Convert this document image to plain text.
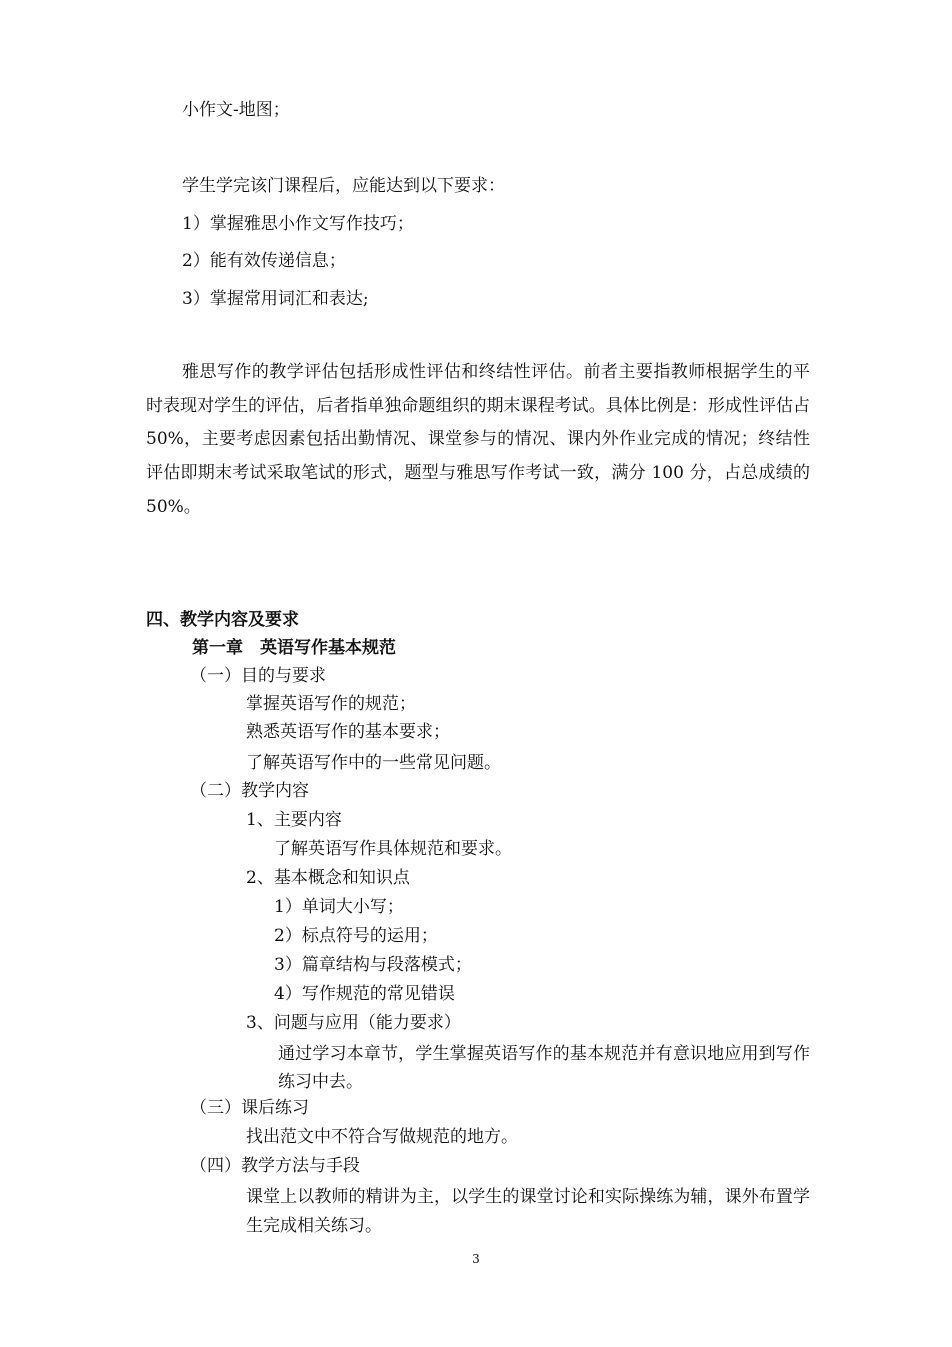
小作文-地图；

学生学完该门课程后，应能达到以下要求：

1）掌握雅思小作文写作技巧；

2）能有效传递信息；

3）掌握常用词汇和表达;

雅思写作的教学评估包括形成性评估和终结性评估。前者主要指教师根据学生的平时表现对学生的评估，后者指单独命题组织的期末课程考试。具体比例是：形成性评估占 50%，主要考虑因素包括出勤情况、课堂参与的情况、课内外作业完成的情况；终结性评估即期末考试采取笔试的形式，题型与雅思写作考试一致，满分 100 分，占总成绩的 50%。

四、教学内容及要求

第一章　英语写作基本规范

（一）目的与要求

掌握英语写作的规范；

熟悉英语写作的基本要求；

了解英语写作中的一些常见问题。

（二）教学内容

1、主要内容

了解英语写作具体规范和要求。

2、基本概念和知识点

1）单词大小写；

2）标点符号的运用；

3）篇章结构与段落模式；

4）写作规范的常见错误

3、问题与应用（能力要求）

通过学习本章节，学生掌握英语写作的基本规范并有意识地应用到写作练习中去。

（三）课后练习

找出范文中不符合写做规范的地方。

（四）教学方法与手段

课堂上以教师的精讲为主，以学生的课堂讨论和实际操练为辅，课外布置学生完成相关练习。

3
